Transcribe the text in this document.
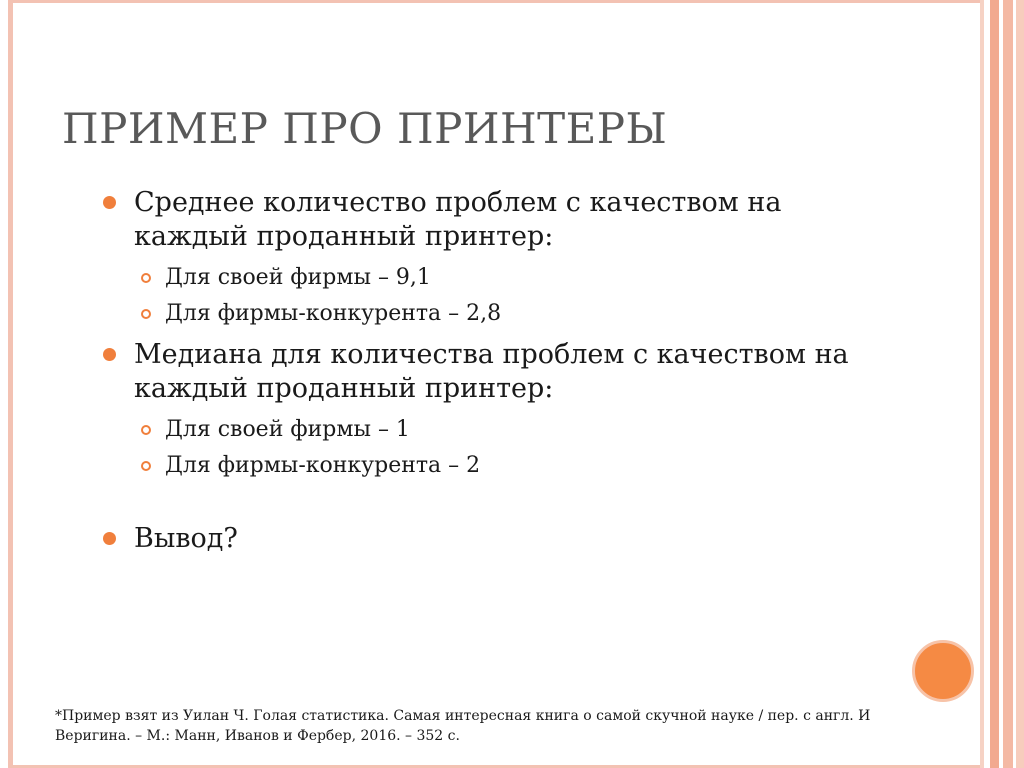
ПРИМЕР ПРО ПРИНТЕРЫ

Среднее количество проблем с качеством на
каждый проданный принтер:

Для своей фирмы – 9,1

Для фирмы-конкурента – 2,8

Медиана для количества проблем с качеством на
каждый проданный принтер:

Для своей фирмы – 1

Для фирмы-конкурента – 2

Вывод?

*Пример взят из Уилан Ч. Голая статистика. Самая интересная книга о самой скучной науке / пер. с англ. И
Веригина. – М.: Манн, Иванов и Фербер, 2016. – 352 с.
